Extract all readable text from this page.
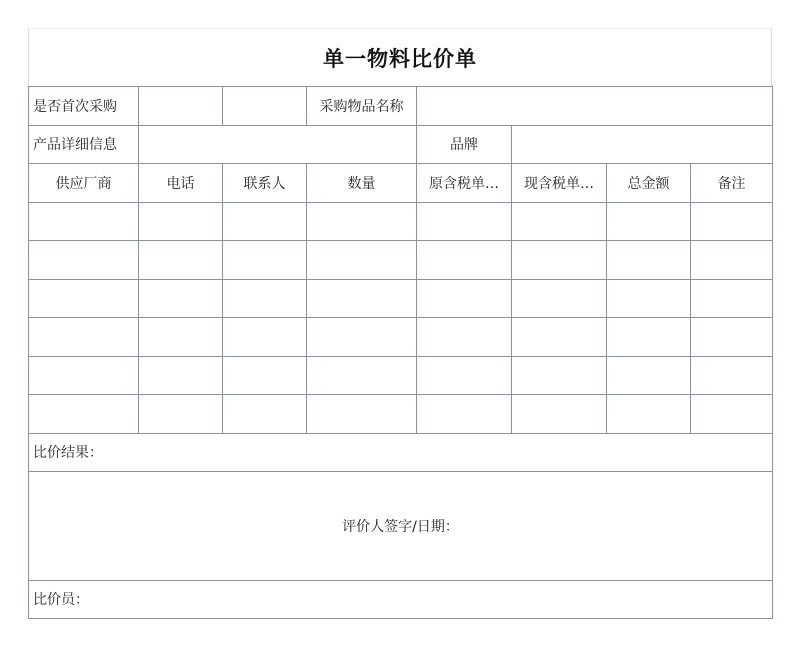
单一物料比价单
是否首次采购			采购物品名称				
产品详细信息				品牌			
供应厂商	电话	联系人	数量	原含税单…	现含税单…	总金额	备注

比价结果：							
评价人签字/日期：							
比价员：							
